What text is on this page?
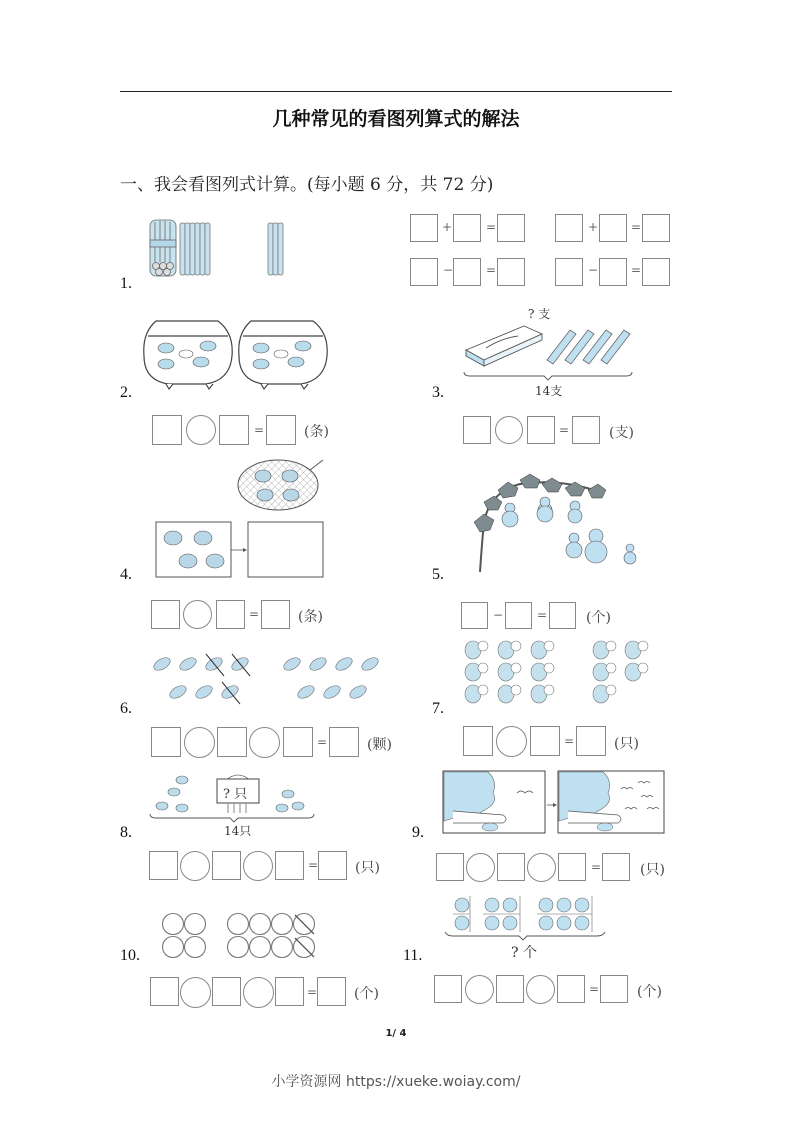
几种常见的看图列算式的解法
一、我会看图列式计算。(每小题 6 分，共 72 分)
1.
+	=	+	=
−	=	−	=
2.
=	(条)
3.
? 支
14支
=	(支)
4.
=	(条)
5.
−	=	(个)
6.
=	(颗)
7.
=	(只)
8.
? 只
14只
=	(只)
9.
=	(只)
10.
=	(个)
11.	? 个
=	(个)
1/ 4
小学资源网 https://xueke.woiay.com/
